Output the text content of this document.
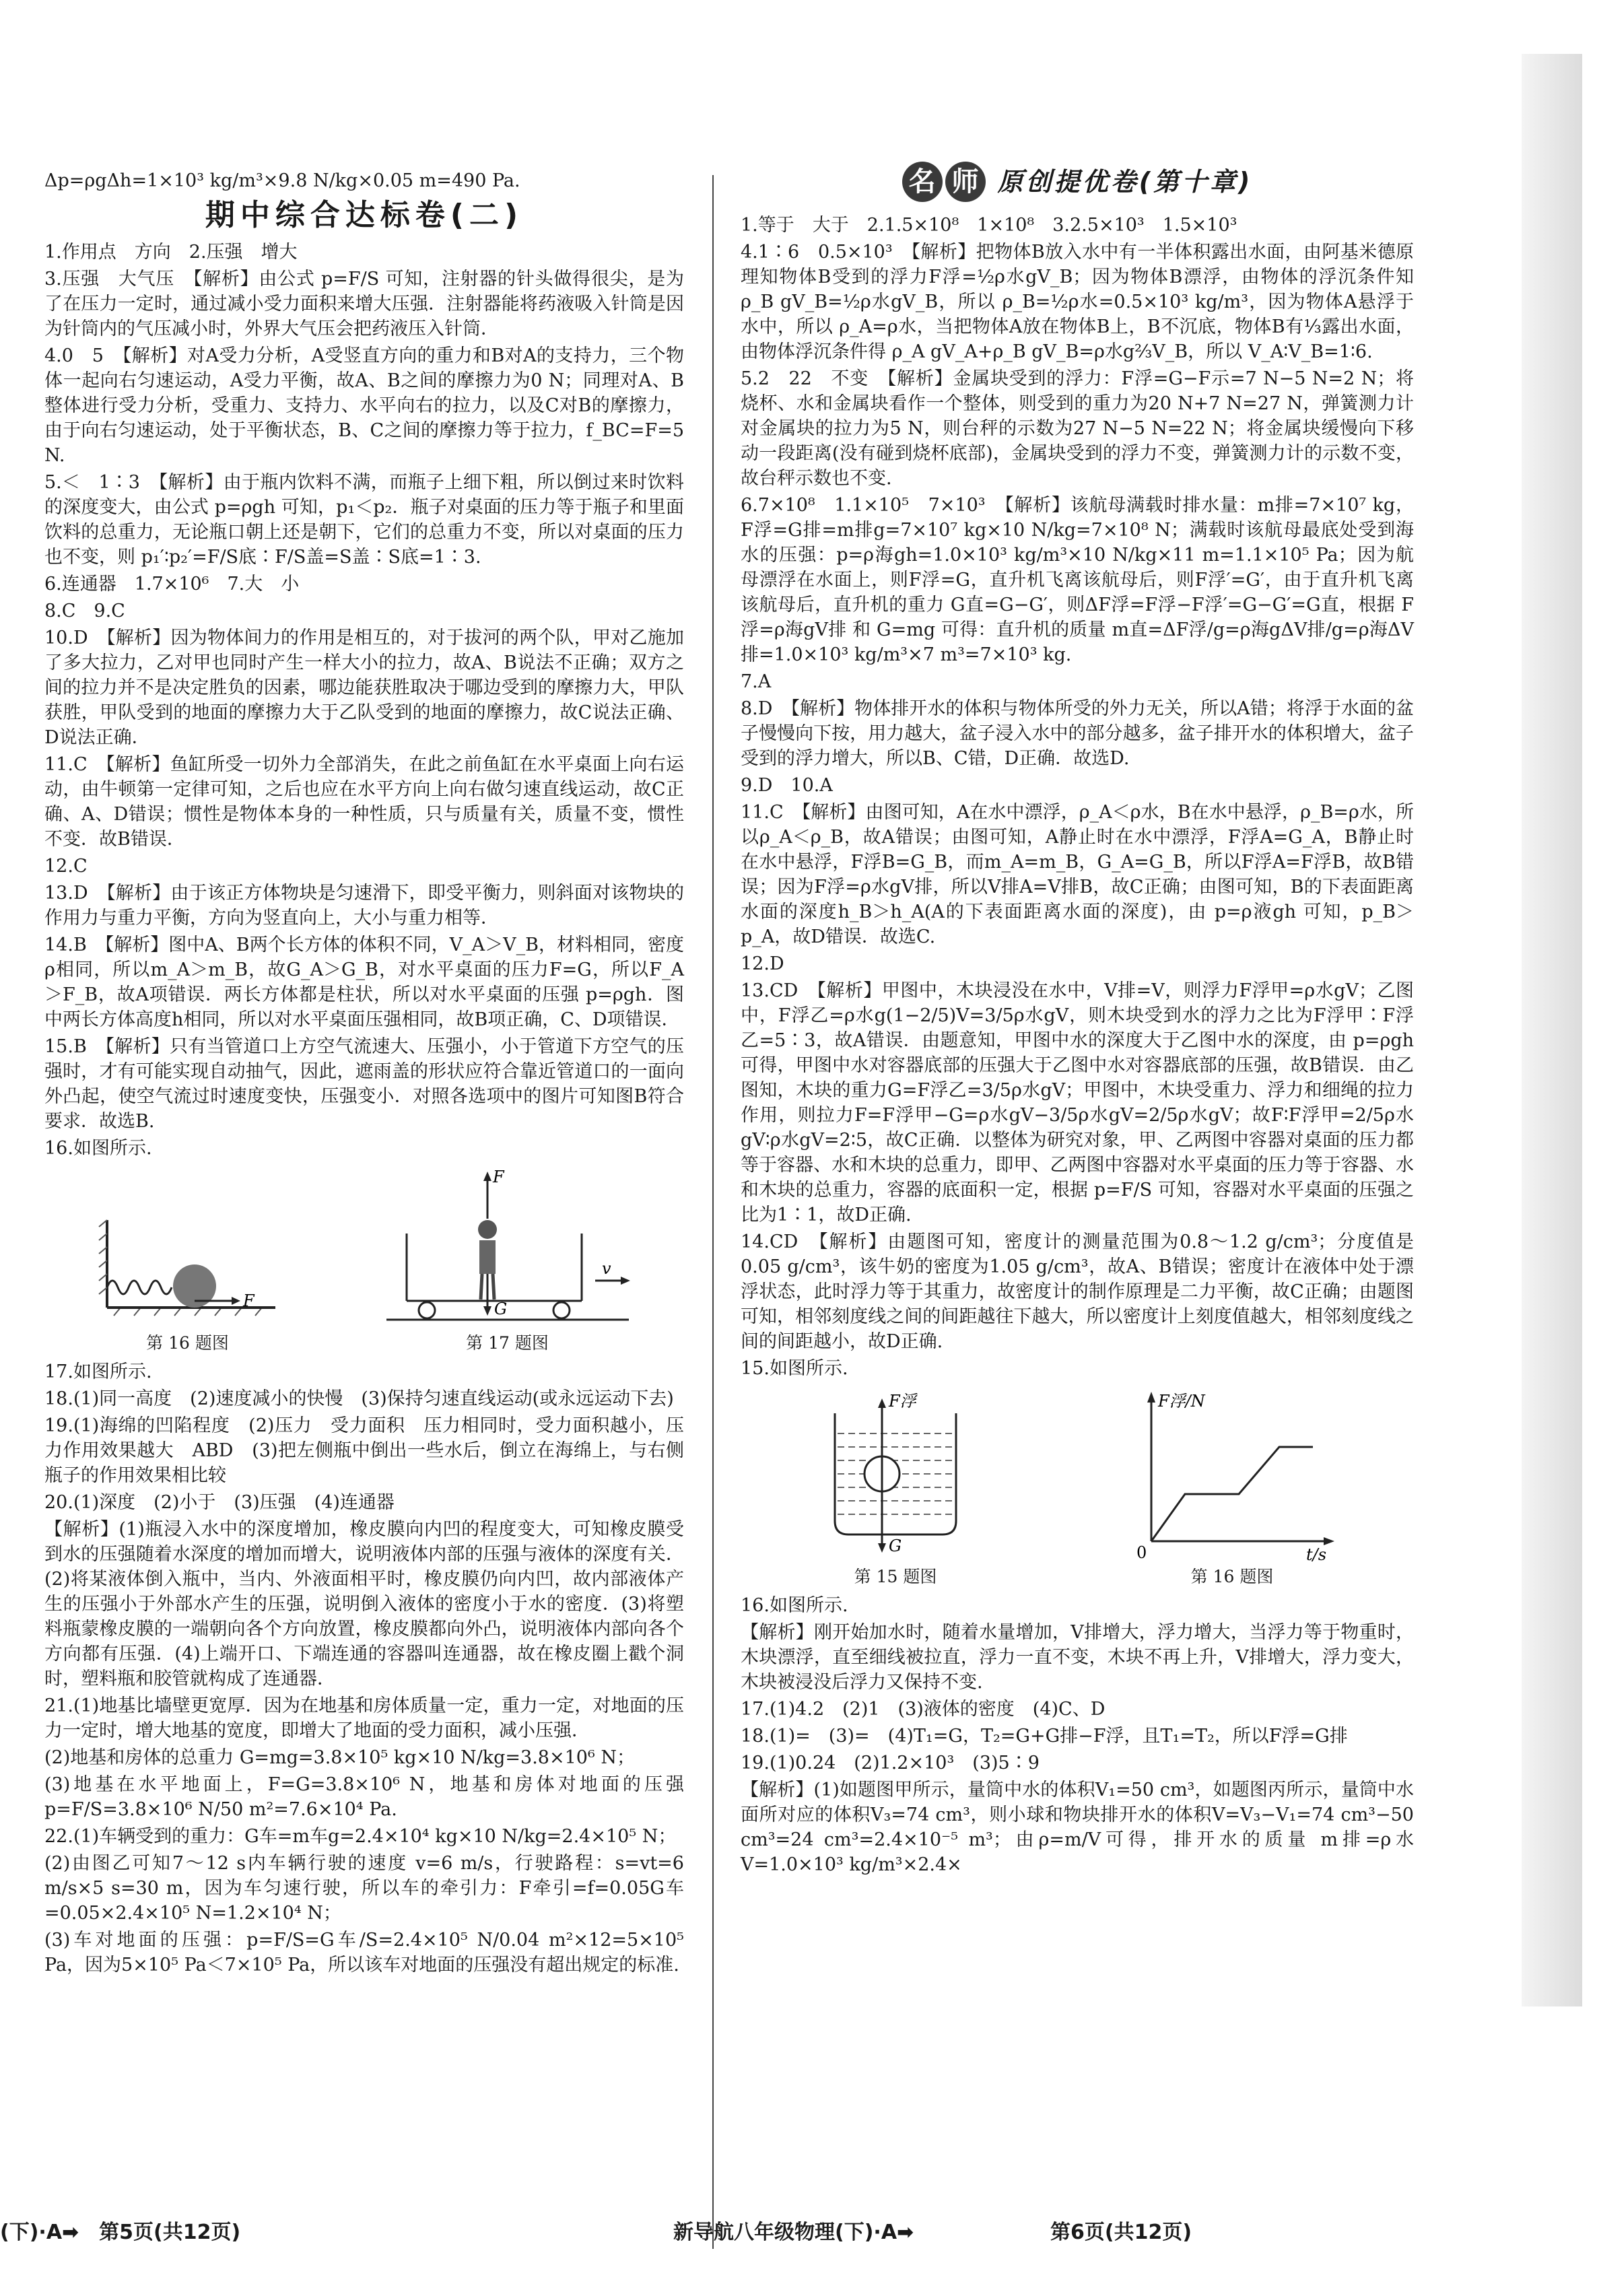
Δp=ρgΔh=1×10³ kg/m³×9.8 N/kg×0.05 m=490 Pa.

期中综合达标卷(二)

1.作用点　方向　2.压强　增大

3.压强　大气压　【解析】由公式 p=F/S 可知，注射器的针头做得很尖，是为了在压力一定时，通过减小受力面积来增大压强．注射器能将药液吸入针筒是因为针筒内的气压减小时，外界大气压会把药液压入针筒．

4.0　5　【解析】对A受力分析，A受竖直方向的重力和B对A的支持力，三个物体一起向右匀速运动，A受力平衡，故A、B之间的摩擦力为0 N；同理对A、B整体进行受力分析，受重力、支持力、水平向右的拉力，以及C对B的摩擦力，由于向右匀速运动，处于平衡状态，B、C之间的摩擦力等于拉力，f_BC=F=5 N.

5.＜　1∶3　【解析】由于瓶内饮料不满，而瓶子上细下粗，所以倒过来时饮料的深度变大，由公式 p=ρgh 可知，p₁＜p₂．瓶子对桌面的压力等于瓶子和里面饮料的总重力，无论瓶口朝上还是朝下，它们的总重力不变，所以对桌面的压力也不变，则 p₁′∶p₂′=F/S底∶F/S盖=S盖∶S底=1∶3.

6.连通器　1.7×10⁶　7.大　小

8.C　9.C

10.D　【解析】因为物体间力的作用是相互的，对于拔河的两个队，甲对乙施加了多大拉力，乙对甲也同时产生一样大小的拉力，故A、B说法不正确；双方之间的拉力并不是决定胜负的因素，哪边能获胜取决于哪边受到的摩擦力大，甲队获胜，甲队受到的地面的摩擦力大于乙队受到的地面的摩擦力，故C说法正确、D说法正确．

11.C　【解析】鱼缸所受一切外力全部消失，在此之前鱼缸在水平桌面上向右运动，由牛顿第一定律可知，之后也应在水平方向上向右做匀速直线运动，故C正确、A、D错误；惯性是物体本身的一种性质，只与质量有关，质量不变，惯性不变．故B错误．

12.C

13.D　【解析】由于该正方体物块是匀速滑下，即受平衡力，则斜面对该物块的作用力与重力平衡，方向为竖直向上，大小与重力相等．

14.B　【解析】图中A、B两个长方体的体积不同，V_A＞V_B，材料相同，密度ρ相同，所以m_A＞m_B，故G_A＞G_B，对水平桌面的压力F=G，所以F_A＞F_B，故A项错误．两长方体都是柱状，所以对水平桌面的压强 p=ρgh．图中两长方体高度h相同，所以对水平桌面压强相同，故B项正确，C、D项错误．

15.B　【解析】只有当管道口上方空气流速大、压强小，小于管道下方空气的压强时，才有可能实现自动抽气，因此，遮雨盖的形状应符合靠近管道口的一面向外凸起，使空气流过时速度变快，压强变小．对照各选项中的图片可知图B符合要求．故选B.

16.如图所示.

F
第 16 题图
F
G
v
第 17 题图

17.如图所示.

18.(1)同一高度　(2)速度减小的快慢　(3)保持匀速直线运动(或永远运动下去)

19.(1)海绵的凹陷程度　(2)压力　受力面积　压力相同时，受力面积越小，压力作用效果越大　ABD　(3)把左侧瓶中倒出一些水后，倒立在海绵上，与右侧瓶子的作用效果相比较

20.(1)深度　(2)小于　(3)压强　(4)连通器

【解析】(1)瓶浸入水中的深度增加，橡皮膜向内凹的程度变大，可知橡皮膜受到水的压强随着水深度的增加而增大，说明液体内部的压强与液体的深度有关．(2)将某液体倒入瓶中，当内、外液面相平时，橡皮膜仍向内凹，故内部液体产生的压强小于外部水产生的压强，说明倒入液体的密度小于水的密度．(3)将塑料瓶蒙橡皮膜的一端朝向各个方向放置，橡皮膜都向外凸，说明液体内部向各个方向都有压强．(4)上端开口、下端连通的容器叫连通器，故在橡皮圈上戳个洞时，塑料瓶和胶管就构成了连通器．

21.(1)地基比墙壁更宽厚．因为在地基和房体质量一定，重力一定，对地面的压力一定时，增大地基的宽度，即增大了地面的受力面积，减小压强．

(2)地基和房体的总重力 G=mg=3.8×10⁵ kg×10 N/kg=3.8×10⁶ N；

(3)地基在水平地面上，F=G=3.8×10⁶ N，地基和房体对地面的压强 p=F/S=3.8×10⁶ N/50 m²=7.6×10⁴ Pa.

22.(1)车辆受到的重力：G车=m车g=2.4×10⁴ kg×10 N/kg=2.4×10⁵ N；

(2)由图乙可知7～12 s内车辆行驶的速度 v=6 m/s，行驶路程：s=vt=6 m/s×5 s=30 m，因为车匀速行驶，所以车的牵引力：F牵引=f=0.05G车=0.05×2.4×10⁵ N=1.2×10⁴ N；

(3)车对地面的压强：p=F/S=G车/S=2.4×10⁵ N/0.04 m²×12=5×10⁵ Pa，因为5×10⁵ Pa＜7×10⁵ Pa，所以该车对地面的压强没有超出规定的标准.

名 师 原创提优卷(第十章)

1.等于　大于　2.1.5×10⁸　1×10⁸　3.2.5×10³　1.5×10³

4.1∶6　0.5×10³　【解析】把物体B放入水中有一半体积露出水面，由阿基米德原理知物体B受到的浮力F浮=½ρ水gV_B；因为物体B漂浮，由物体的浮沉条件知 ρ_B gV_B=½ρ水gV_B，所以 ρ_B=½ρ水=0.5×10³ kg/m³，因为物体A悬浮于水中，所以 ρ_A=ρ水，当把物体A放在物体B上，B不沉底，物体B有⅓露出水面，由物体浮沉条件得 ρ_A gV_A+ρ_B gV_B=ρ水g⅔V_B，所以 V_A∶V_B=1∶6.

5.2　22　不变　【解析】金属块受到的浮力：F浮=G−F示=7 N−5 N=2 N；将烧杯、水和金属块看作一个整体，则受到的重力为20 N+7 N=27 N，弹簧测力计对金属块的拉力为5 N，则台秤的示数为27 N−5 N=22 N；将金属块缓慢向下移动一段距离(没有碰到烧杯底部)，金属块受到的浮力不变，弹簧测力计的示数不变，故台秤示数也不变.

6.7×10⁸　1.1×10⁵　7×10³　【解析】该航母满载时排水量：m排=7×10⁷ kg，F浮=G排=m排g=7×10⁷ kg×10 N/kg=7×10⁸ N；满载时该航母最底处受到海水的压强：p=ρ海gh=1.0×10³ kg/m³×10 N/kg×11 m=1.1×10⁵ Pa；因为航母漂浮在水面上，则F浮=G，直升机飞离该航母后，则F浮′=G′，由于直升机飞离该航母后，直升机的重力 G直=G−G′，则ΔF浮=F浮−F浮′=G−G′=G直，根据 F浮=ρ海gV排 和 G=mg 可得：直升机的质量 m直=ΔF浮/g=ρ海gΔV排/g=ρ海ΔV排=1.0×10³ kg/m³×7 m³=7×10³ kg.

7.A

8.D　【解析】物体排开水的体积与物体所受的外力无关，所以A错；将浮于水面的盆子慢慢向下按，用力越大，盆子浸入水中的部分越多，盆子排开水的体积增大，盆子受到的浮力增大，所以B、C错，D正确．故选D.

9.D　10.A

11.C　【解析】由图可知，A在水中漂浮，ρ_A＜ρ水，B在水中悬浮，ρ_B=ρ水，所以ρ_A＜ρ_B，故A错误；由图可知，A静止时在水中漂浮，F浮A=G_A，B静止时在水中悬浮，F浮B=G_B，而m_A=m_B，G_A=G_B，所以F浮A=F浮B，故B错误；因为F浮=ρ水gV排，所以V排A=V排B，故C正确；由图可知，B的下表面距离水面的深度h_B＞h_A(A的下表面距离水面的深度)，由 p=ρ液gh 可知，p_B＞p_A，故D错误．故选C.

12.D

13.CD　【解析】甲图中，木块浸没在水中，V排=V，则浮力F浮甲=ρ水gV；乙图中，F浮乙=ρ水g(1−2/5)V=3/5ρ水gV，则木块受到水的浮力之比为F浮甲∶F浮乙=5∶3，故A错误．由题意知，甲图中水的深度大于乙图中水的深度，由 p=ρgh 可得，甲图中水对容器底部的压强大于乙图中水对容器底部的压强，故B错误．由乙图知，木块的重力G=F浮乙=3/5ρ水gV；甲图中，木块受重力、浮力和细绳的拉力作用，则拉力F=F浮甲−G=ρ水gV−3/5ρ水gV=2/5ρ水gV；故F∶F浮甲=2/5ρ水gV∶ρ水gV=2∶5，故C正确．以整体为研究对象，甲、乙两图中容器对桌面的压力都等于容器、水和木块的总重力，即甲、乙两图中容器对水平桌面的压力等于容器、水和木块的总重力，容器的底面积一定，根据 p=F/S 可知，容器对水平桌面的压强之比为1∶1，故D正确.

14.CD　【解析】由题图可知，密度计的测量范围为0.8～1.2 g/cm³；分度值是0.05 g/cm³，该牛奶的密度为1.05 g/cm³，故A、B错误；密度计在液体中处于漂浮状态，此时浮力等于其重力，故密度计的制作原理是二力平衡，故C正确；由题图可知，相邻刻度线之间的间距越往下越大，所以密度计上刻度值越大，相邻刻度线之间的间距越小，故D正确.

15.如图所示.

F浮
G
第 15 题图
F浮/N
t/s
0
第 16 题图

16.如图所示.

【解析】刚开始加水时，随着水量增加，V排增大，浮力增大，当浮力等于物重时，木块漂浮，直至细线被拉直，浮力一直不变，木块不再上升，V排增大，浮力变大，木块被浸没后浮力又保持不变.

17.(1)4.2　(2)1　(3)液体的密度　(4)C、D

18.(1)=　(3)=　(4)T₁=G，T₂=G+G排−F浮，且T₁=T₂，所以F浮=G排

19.(1)0.24　(2)1.2×10³　(3)5∶9

【解析】(1)如题图甲所示，量筒中水的体积V₁=50 cm³，如题图丙所示，量筒中水面所对应的体积V₃=74 cm³，则小球和物块排开水的体积V=V₃−V₁=74 cm³−50 cm³=24 cm³=2.4×10⁻⁵ m³；由ρ=m/V可得，排开水的质量 m排=ρ水V=1.0×10³ kg/m³×2.4×

(下)·A➡　第5页(共12页)	新导航八年级物理(下)·A➡	第6页(共12页)
